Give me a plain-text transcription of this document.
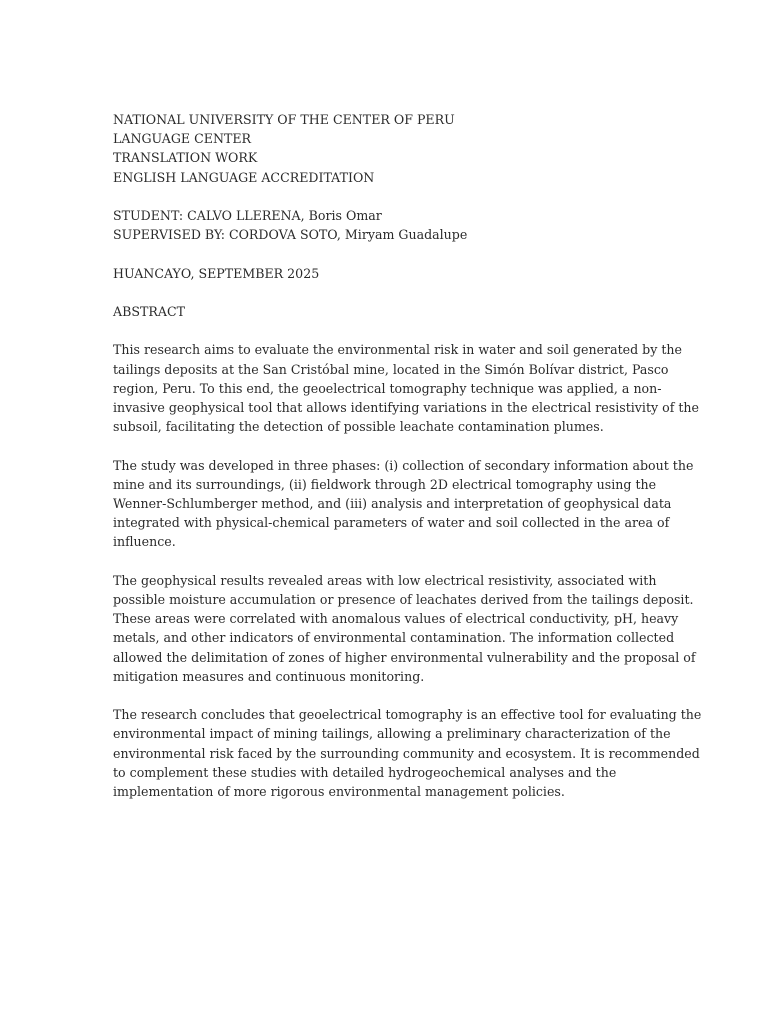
NATIONAL UNIVERSITY OF THE CENTER OF PERU
LANGUAGE CENTER
TRANSLATION WORK
ENGLISH LANGUAGE ACCREDITATION
STUDENT: CALVO LLERENA, Boris Omar
SUPERVISED BY: CORDOVA SOTO, Miryam Guadalupe
HUANCAYO, SEPTEMBER 2025
ABSTRACT
This research aims to evaluate the environmental risk in water and soil generated by the
tailings deposits at the San Cristóbal mine, located in the Simón Bolívar district, Pasco
region, Peru. To this end, the geoelectrical tomography technique was applied, a non-
invasive geophysical tool that allows identifying variations in the electrical resistivity of the
subsoil, facilitating the detection of possible leachate contamination plumes.
The study was developed in three phases: (i) collection of secondary information about the
mine and its surroundings, (ii) fieldwork through 2D electrical tomography using the
Wenner-Schlumberger method, and (iii) analysis and interpretation of geophysical data
integrated with physical-chemical parameters of water and soil collected in the area of
influence.
The geophysical results revealed areas with low electrical resistivity, associated with
possible moisture accumulation or presence of leachates derived from the tailings deposit.
These areas were correlated with anomalous values of electrical conductivity, pH, heavy
metals, and other indicators of environmental contamination. The information collected
allowed the delimitation of zones of higher environmental vulnerability and the proposal of
mitigation measures and continuous monitoring.
The research concludes that geoelectrical tomography is an effective tool for evaluating the
environmental impact of mining tailings, allowing a preliminary characterization of the
environmental risk faced by the surrounding community and ecosystem. It is recommended
to complement these studies with detailed hydrogeochemical analyses and the
implementation of more rigorous environmental management policies.
